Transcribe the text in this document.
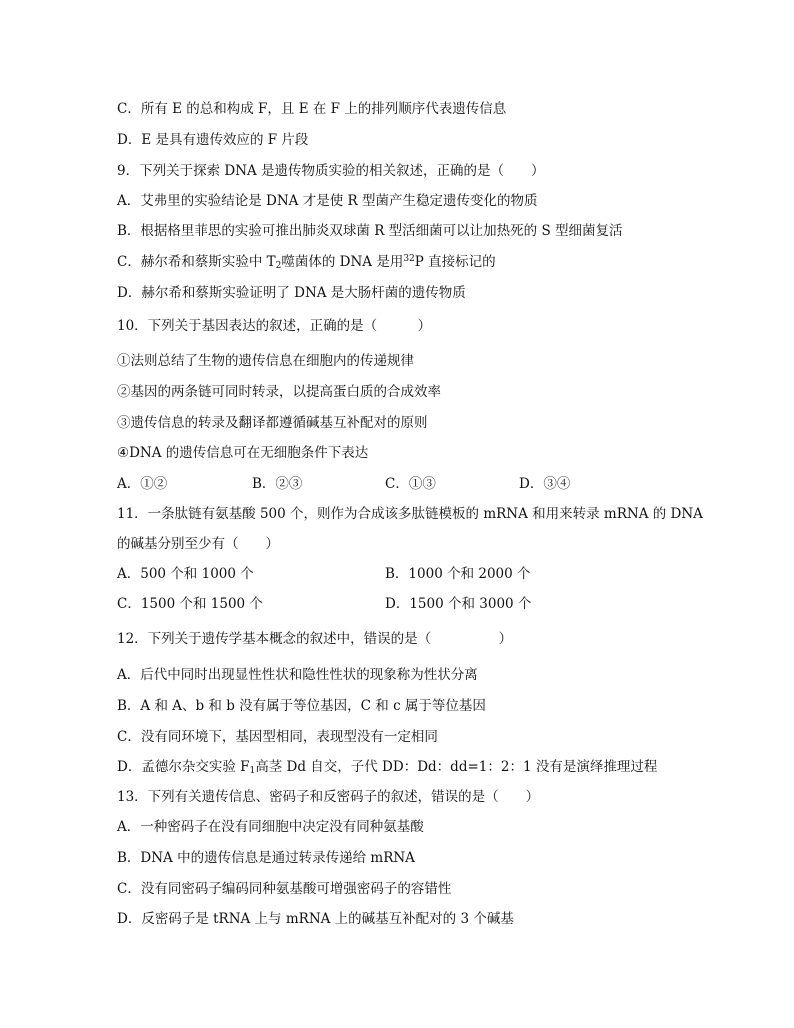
C．所有 E 的总和构成 F，且 E 在 F 上的排列顺序代表遗传信息
D．E 是具有遗传效应的 F 片段
9．下列关于探索 DNA 是遗传物质实验的相关叙述，正确的是（　　）
A．艾弗里的实验结论是 DNA 才是使 R 型菌产生稳定遗传变化的物质
B．根据格里菲思的实验可推出肺炎双球菌 R 型活细菌可以让加热死的 S 型细菌复活
C．赫尔希和蔡斯实验中 $T_2$噬菌体的 DNA 是用$^{32}$P 直接标记的
D．赫尔希和蔡斯实验证明了 DNA 是大肠杆菌的遗传物质
10．下列关于基因表达的叙述，正确的是（　　　）
①法则总结了生物的遗传信息在细胞内的传递规律
②基因的两条链可同时转录，以提高蛋白质的合成效率
③遗传信息的转录及翻译都遵循碱基互补配对的原则
④DNA 的遗传信息可在无细胞条件下表达
A．①②	B．②③	C．①③	D．③④
11．一条肽链有氨基酸 500 个，则作为合成该多肽链模板的 mRNA 和用来转录 mRNA 的 DNA
的碱基分别至少有（　　）
A．500 个和 1000 个	B．1000 个和 2000 个
C．1500 个和 1500 个	D．1500 个和 3000 个
12．下列关于遗传学基本概念的叙述中，错误的是（　　　　　）
A．后代中同时出现显性性状和隐性性状的现象称为性状分离
B．A 和 A、b 和 b 没有属于等位基因，C 和 c 属于等位基因
C．没有同环境下，基因型相同，表现型没有一定相同
D．孟德尔杂交实验 $F_1$高茎 Dd 自交，子代 DD：Dd：dd=1：2：1 没有是演绎推理过程
13．下列有关遗传信息、密码子和反密码子的叙述，错误的是（　　）
A．一种密码子在没有同细胞中决定没有同种氨基酸
B．DNA 中的遗传信息是通过转录传递给 mRNA
C．没有同密码子编码同种氨基酸可增强密码子的容错性
D．反密码子是 tRNA 上与 mRNA 上的碱基互补配对的 3 个碱基
